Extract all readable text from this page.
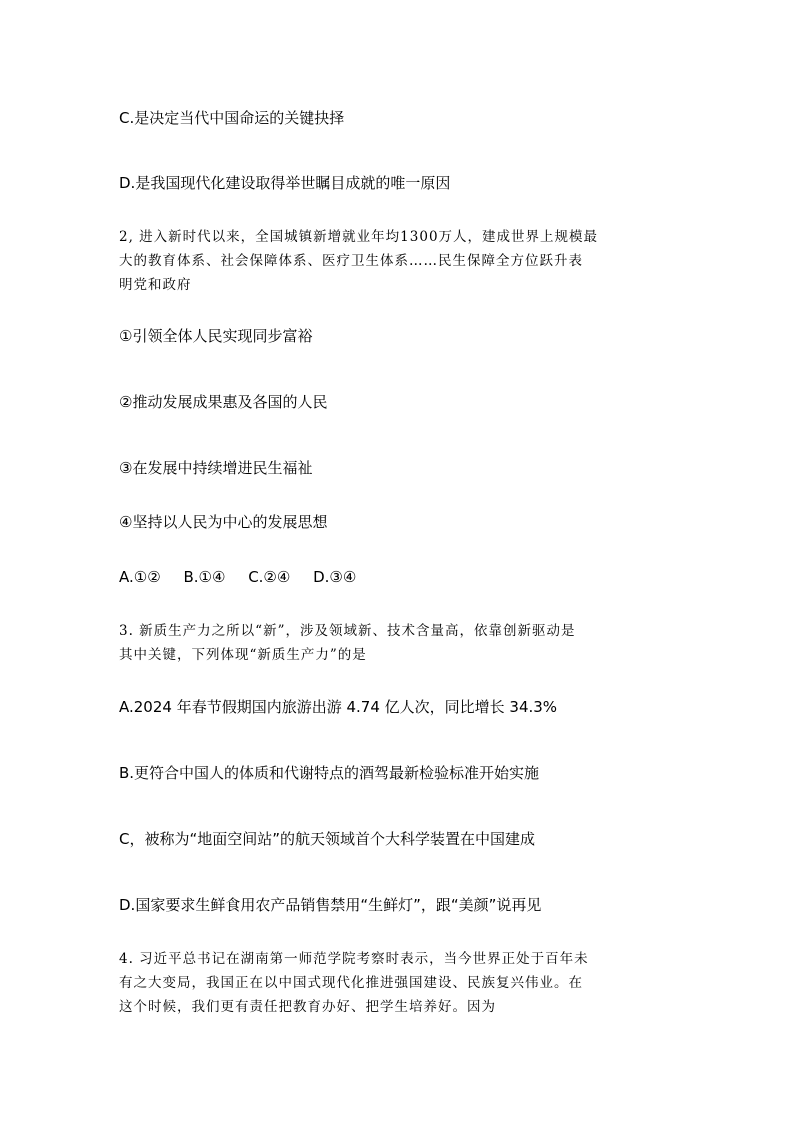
C.是决定当代中国命运的关键抉择
D.是我国现代化建设取得举世瞩目成就的唯一原因
2, 进入新时代以来，全国城镇新增就业年均1300万人，建成世界上规模最
大的教育体系、社会保障体系、医疗卫生体系……民生保障全方位跃升表
明党和政府
①引领全体人民实现同步富裕
②推动发展成果惠及各国的人民
③在发展中持续增进民生福祉
④坚持以人民为中心的发展思想
A.①② B.①④ C.②④ D.③④
3. 新质生产力之所以“新”，涉及领域新、技术含量高，依靠创新驱动是
其中关键，下列体现“新质生产力”的是
A.2024 年春节假期国内旅游出游 4.74 亿人次，同比增长 34.3%
B.更符合中国人的体质和代谢特点的酒驾最新检验标准开始实施
C，被称为“地面空间站”的航天领域首个大科学装置在中国建成
D.国家要求生鲜食用农产品销售禁用“生鲜灯”，跟“美颜”说再见
4. 习近平总书记在湖南第一师范学院考察时表示，当今世界正处于百年未
有之大变局，我国正在以中国式现代化推进强国建设、民族复兴伟业。在
这个时候，我们更有责任把教育办好、把学生培养好。因为
